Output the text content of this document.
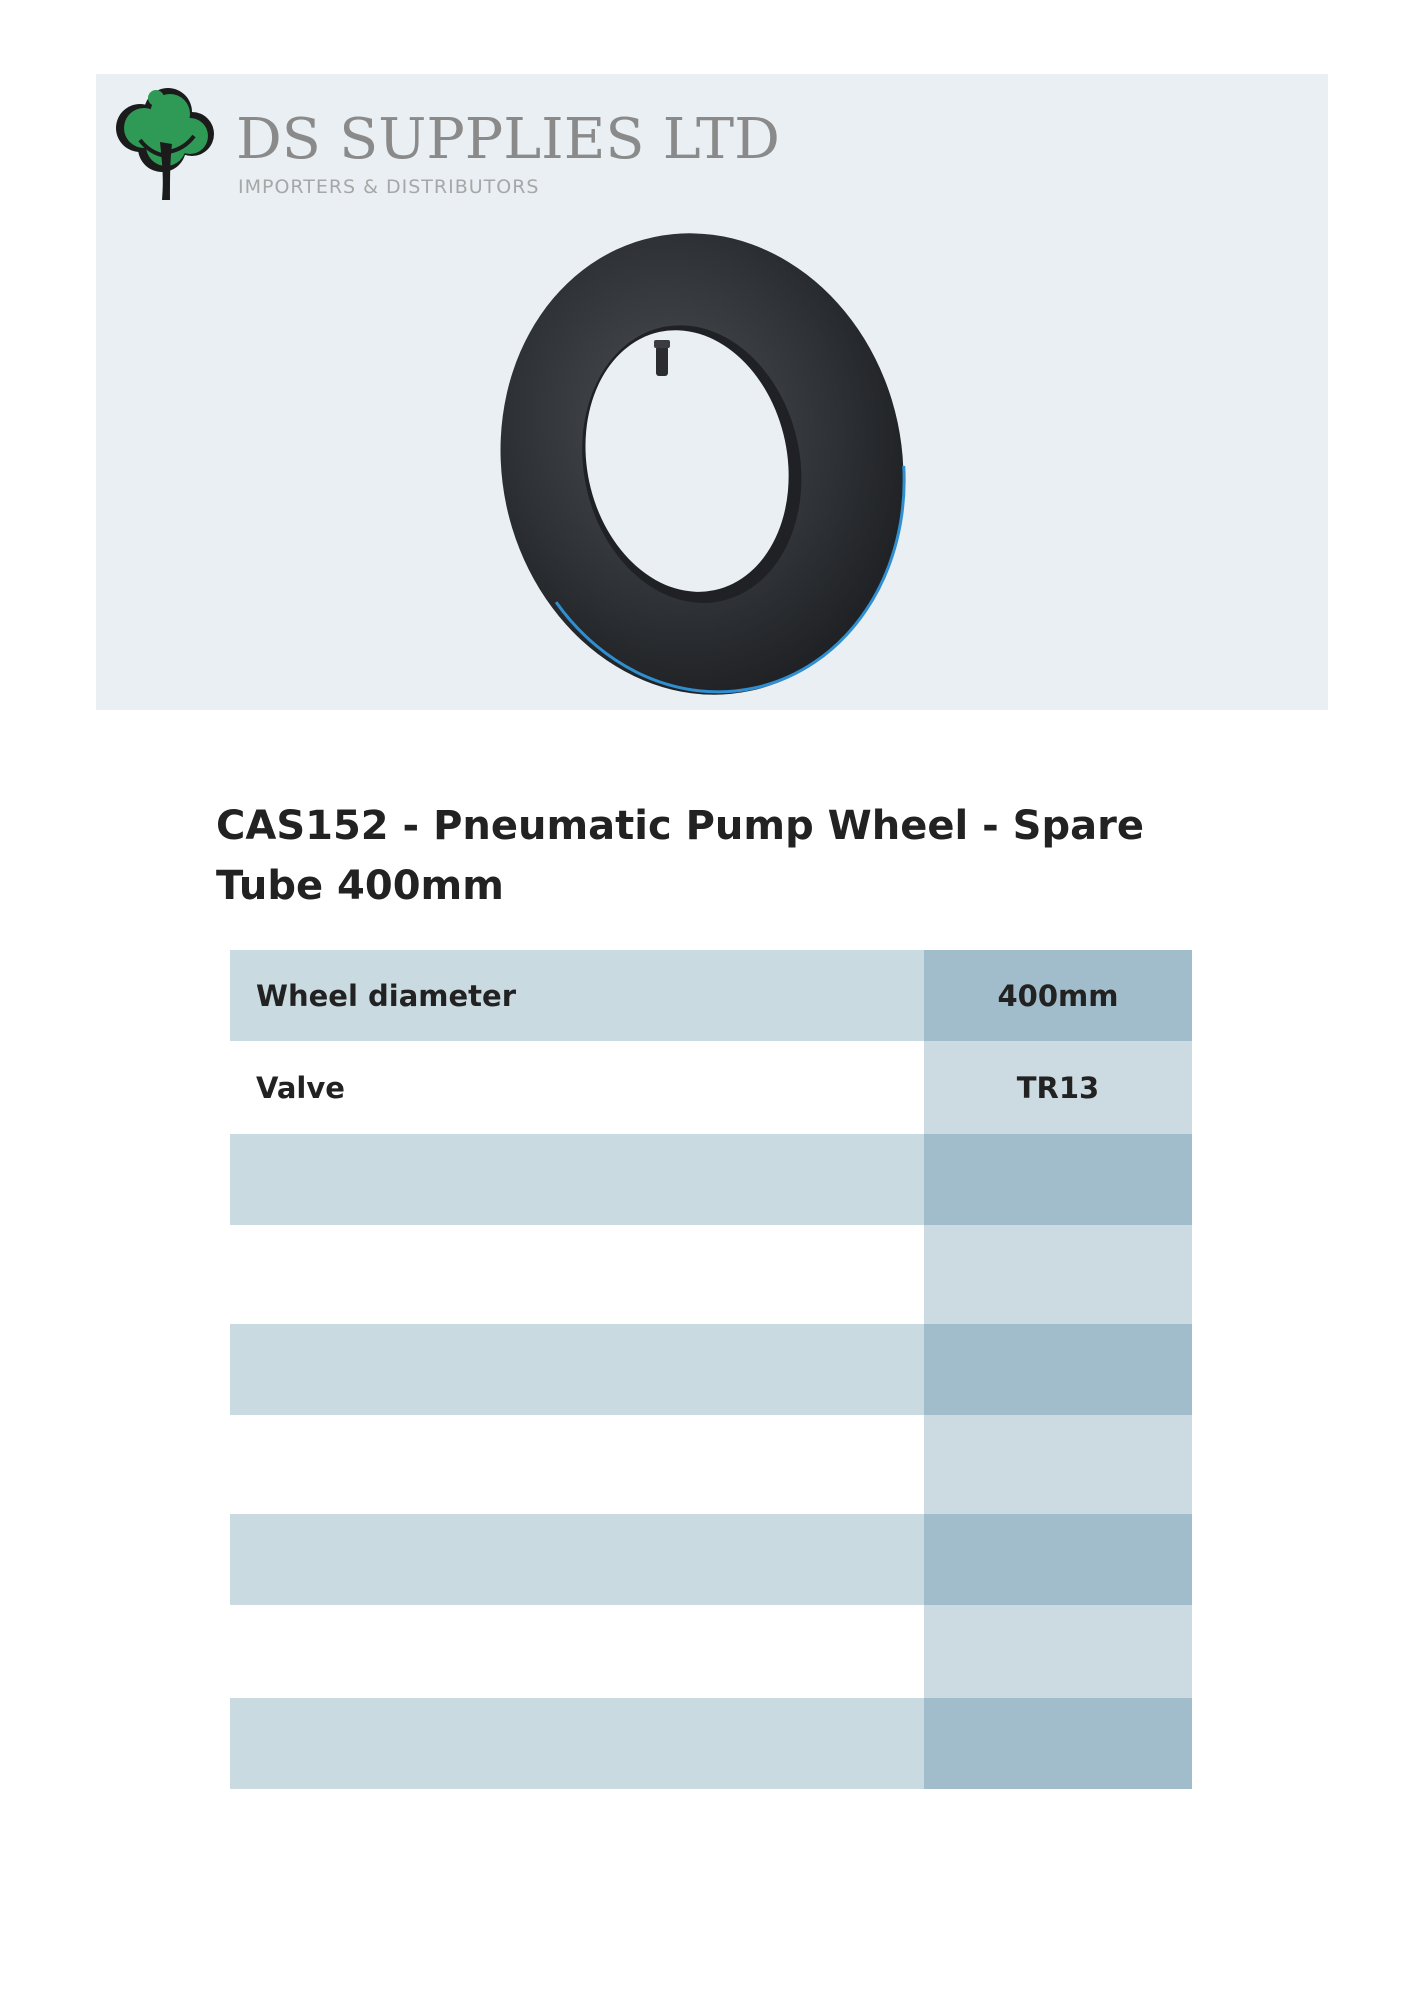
DS SUPPLIES LTD
IMPORTERS & DISTRIBUTORS
CAS152 - Pneumatic Pump Wheel - Spare Tube 400mm
Wheel diameter	400mm
Valve	TR13
